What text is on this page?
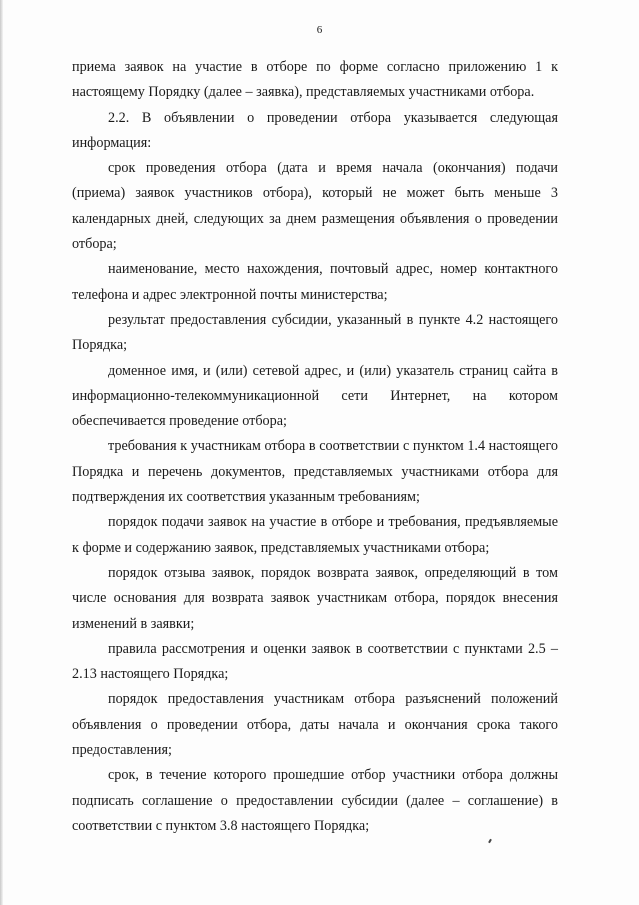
6

приема заявок на участие в отборе по форме согласно приложению 1 к настоящему Порядку (далее – заявка), представляемых участниками отбора.

2.2. В объявлении о проведении отбора указывается следующая информация:

срок проведения отбора (дата и время начала (окончания) подачи (приема) заявок участников отбора), который не может быть меньше 3 календарных дней, следующих за днем размещения объявления о проведении отбора;

наименование, место нахождения, почтовый адрес, номер контактного телефона и адрес электронной почты министерства;

результат предоставления субсидии, указанный в пункте 4.2 настоящего Порядка;

доменное имя, и (или) сетевой адрес, и (или) указатель страниц сайта в информационно-телекоммуникационной сети Интернет, на котором обеспечивается проведение отбора;

требования к участникам отбора в соответствии с пунктом 1.4 настоящего Порядка и перечень документов, представляемых участниками отбора для подтверждения их соответствия указанным требованиям;

порядок подачи заявок на участие в отборе и требования, предъявляемые к форме и содержанию заявок, представляемых участниками отбора;

порядок отзыва заявок, порядок возврата заявок, определяющий в том числе основания для возврата заявок участникам отбора, порядок внесения изменений в заявки;

правила рассмотрения и оценки заявок в соответствии с пунктами 2.5 – 2.13 настоящего Порядка;

порядок предоставления участникам отбора разъяснений положений объявления о проведении отбора, даты начала и окончания срока такого предоставления;

срок, в течение которого прошедшие отбор участники отбора должны подписать соглашение о предоставлении субсидии (далее – соглашение) в соответствии с пунктом 3.8 настоящего Порядка;
